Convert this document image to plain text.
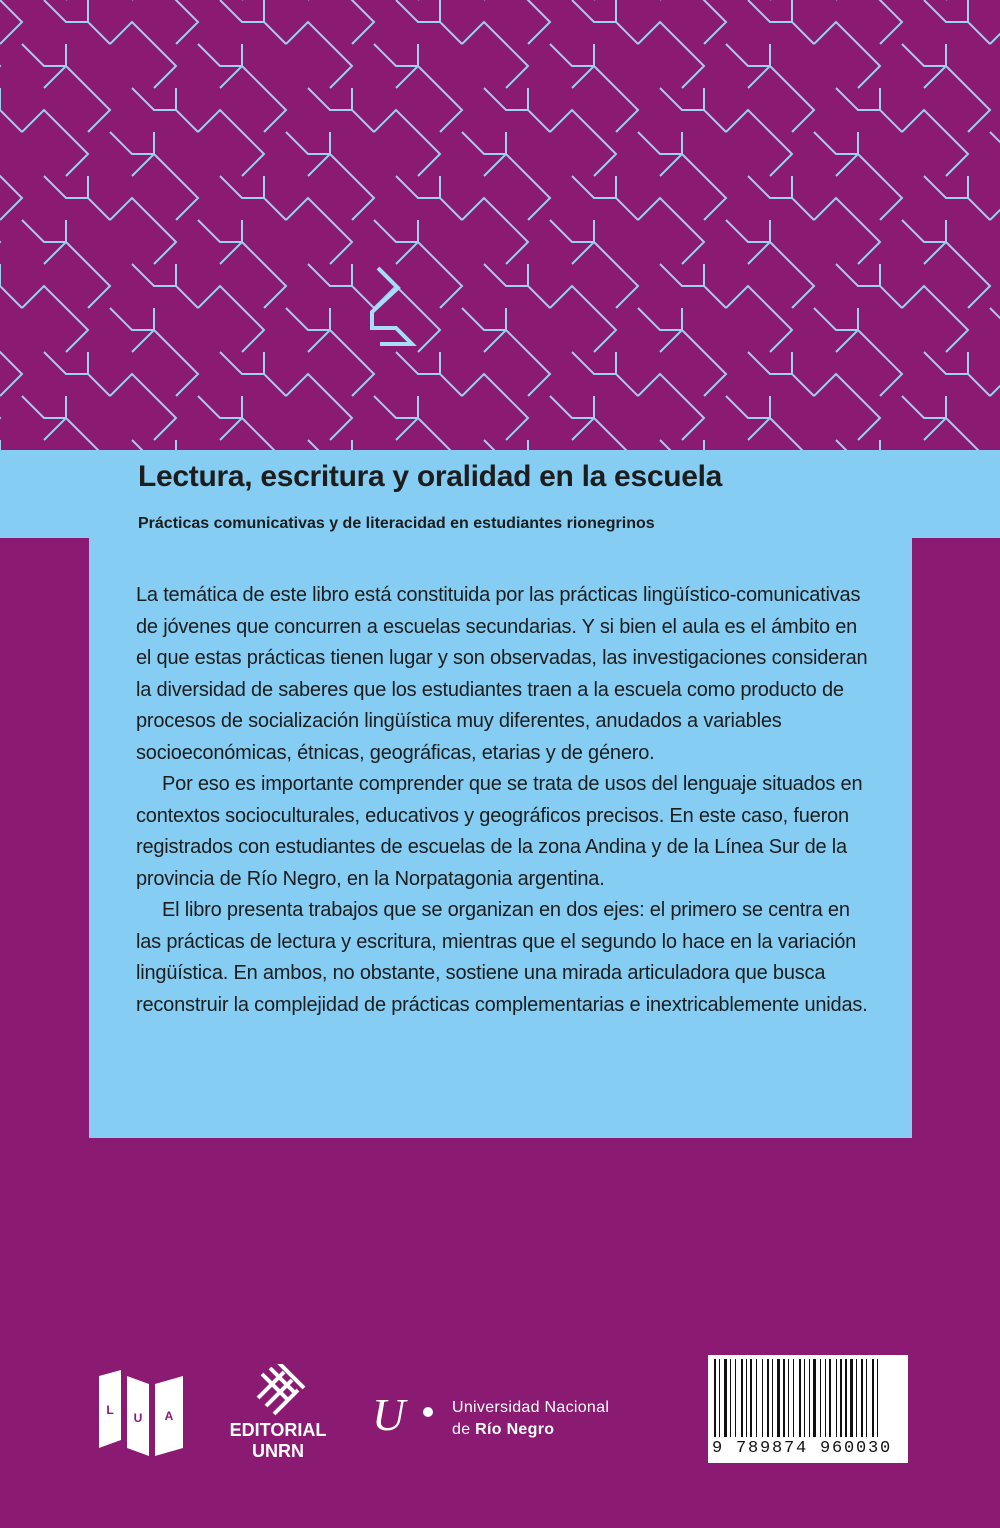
Lectura, escritura y oralidad en la escuela
Prácticas comunicativas y de literacidad en estudiantes rionegrinos

La temática de este libro está constituida por las prácticas lingüístico-comunicativas de jóvenes que concurren a escuelas secundarias. Y si bien el aula es el ámbito en el que estas prácticas tienen lugar y son observadas, las investigaciones consideran la diversidad de saberes que los estudiantes traen a la escuela como producto de procesos de socialización lingüística muy diferentes, anudados a variables socioeconómicas, étnicas, geográficas, etarias y de género.

Por eso es importante comprender que se trata de usos del lenguaje situados en contextos socioculturales, educativos y geográficos precisos. En este caso, fueron registrados con estudiantes de escuelas de la zona Andina y de la Línea Sur de la provincia de Río Negro, en la Norpatagonia argentina.

El libro presenta trabajos que se organizan en dos ejes: el primero se centra en las prácticas de lectura y escritura, mientras que el segundo lo hace en la variación lingüística. En ambos, no obstante, sostiene una mirada articuladora que busca reconstruir la complejidad de prácticas complementarias e inextricablemente unidas.

L
U A
EDITORIAL
UNRN
U	Universidad Nacional
de Río Negro
9 789874 960030
